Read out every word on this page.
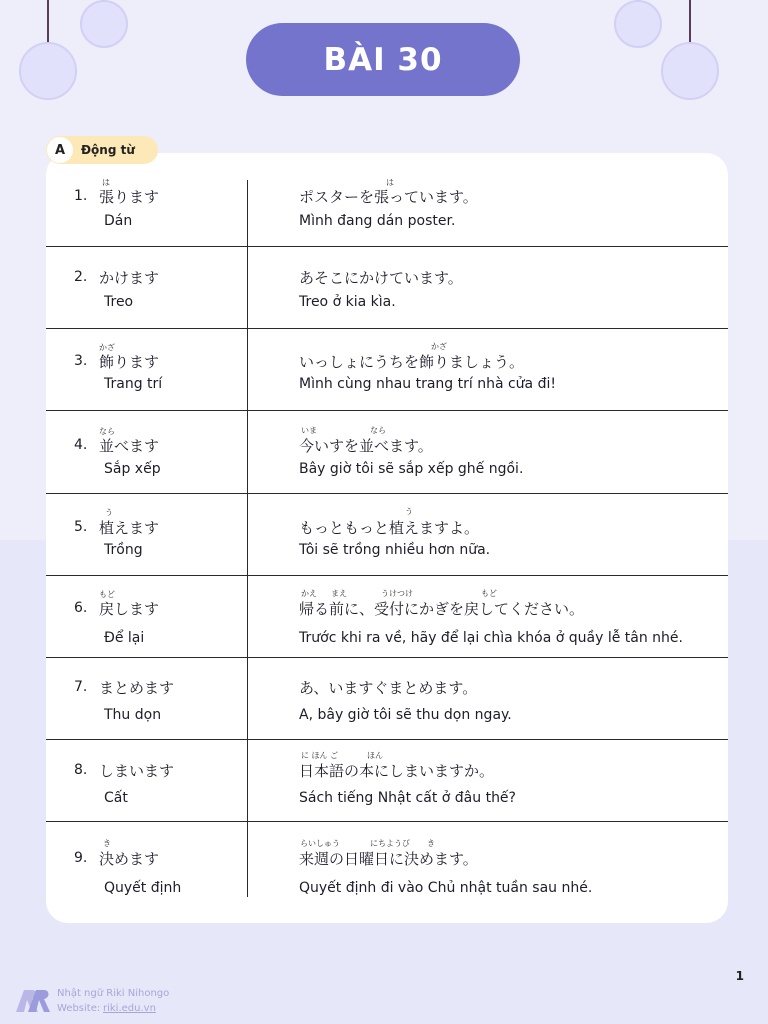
BÀI 30
A	Động từ
1.
は
張ります
Dán
は
ポスターを張っています。
Mình đang dán poster.
2. かけます
Treo
あそこにかけています。
Treo ở kia kìa.
3.
かざ
飾ります
Trang trí
かざ
いっしょにうちを飾りましょう。
Mình cùng nhau trang trí nhà cửa đi!
4.
なら
並べます
Sắp xếp
いま	なら
今いすを並べます。
Bây giờ tôi sẽ sắp xếp ghế ngồi.
5.
う
植えます
Trồng
う
もっともっと植えますよ。
Tôi sẽ trồng nhiều hơn nữa.
6.
もど
戻します
Để lại
かえ まえ	うけつけ	もど
帰る前に、受付にかぎを戻してください。
Trước khi ra về, hãy để lại chìa khóa ở quầy lễ tân nhé.
7. まとめます
Thu dọn
あ、いますぐまとめます。
A, bây giờ tôi sẽ thu dọn ngay.
8. しまいます
Cất
に ほん ご	ほん
日本語の本にしまいますか。
Sách tiếng Nhật cất ở đâu thế?
9.
き
決めます
Quyết định
らいしゅう	にちようび き
来週の日曜日に決めます。
Quyết định đi vào Chủ nhật tuần sau nhé.
Nhật ngữ Riki Nihongo
Website: riki.edu.vn
1
